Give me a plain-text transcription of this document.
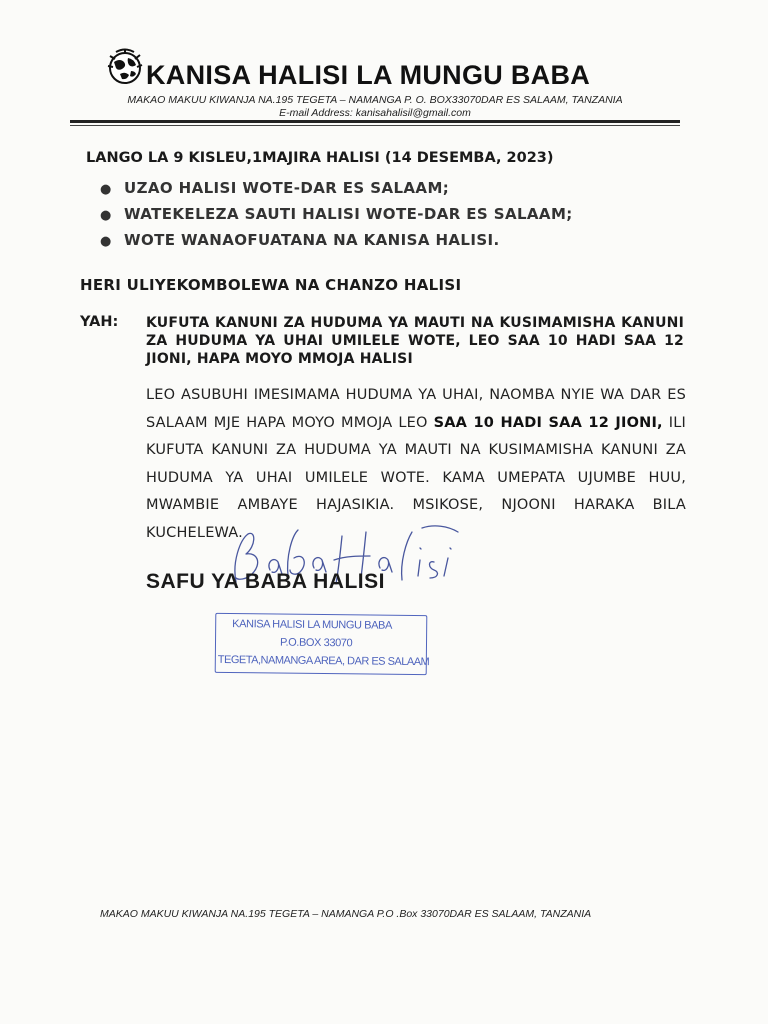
KANISA HALISI LA MUNGU BABA
MAKAO MAKUU KIWANJA NA.195 TEGETA – NAMANGA P. O. BOX33070DAR ES SALAAM, TANZANIA
E-mail Address: kanisahalisil@gmail.com
LANGO LA 9 KISLEU,1MAJIRA HALISI (14 DESEMBA, 2023)
● UZAO HALISI WOTE-DAR ES SALAAM;
● WATEKELEZA SAUTI HALISI WOTE-DAR ES SALAAM;
● WOTE WANAOFUATANA NA KANISA HALISI.
HERI ULIYEKOMBOLEWA NA CHANZO HALISI
YAH: KUFUTA KANUNI ZA HUDUMA YA MAUTI NA KUSIMAMISHA KANUNI ZA HUDUMA YA UHAI UMILELE WOTE, LEO SAA 10 HADI SAA 12 JIONI, HAPA MOYO MMOJA HALISI
LEO ASUBUHI IMESIMAMA HUDUMA YA UHAI, NAOMBA NYIE WA DAR ES SALAAM MJE HAPA MOYO MMOJA LEO SAA 10 HADI SAA 12 JIONI, ILI KUFUTA KANUNI ZA HUDUMA YA MAUTI NA KUSIMAMISHA KANUNI ZA HUDUMA YA UHAI UMILELE WOTE. KAMA UMEPATA UJUMBE HUU, MWAMBIE AMBAYE HAJASIKIA. MSIKOSE, NJOONI HARAKA BILA KUCHELEWA.
SAFU YA BABA HALISI
KANISA HALISI LA MUNGU BABA
P.O.BOX 33070
TEGETA,NAMANGA AREA, DAR ES SALAAM
MAKAO MAKUU KIWANJA NA.195 TEGETA – NAMANGA P.O .Box 33070DAR ES SALAAM, TANZANIA
